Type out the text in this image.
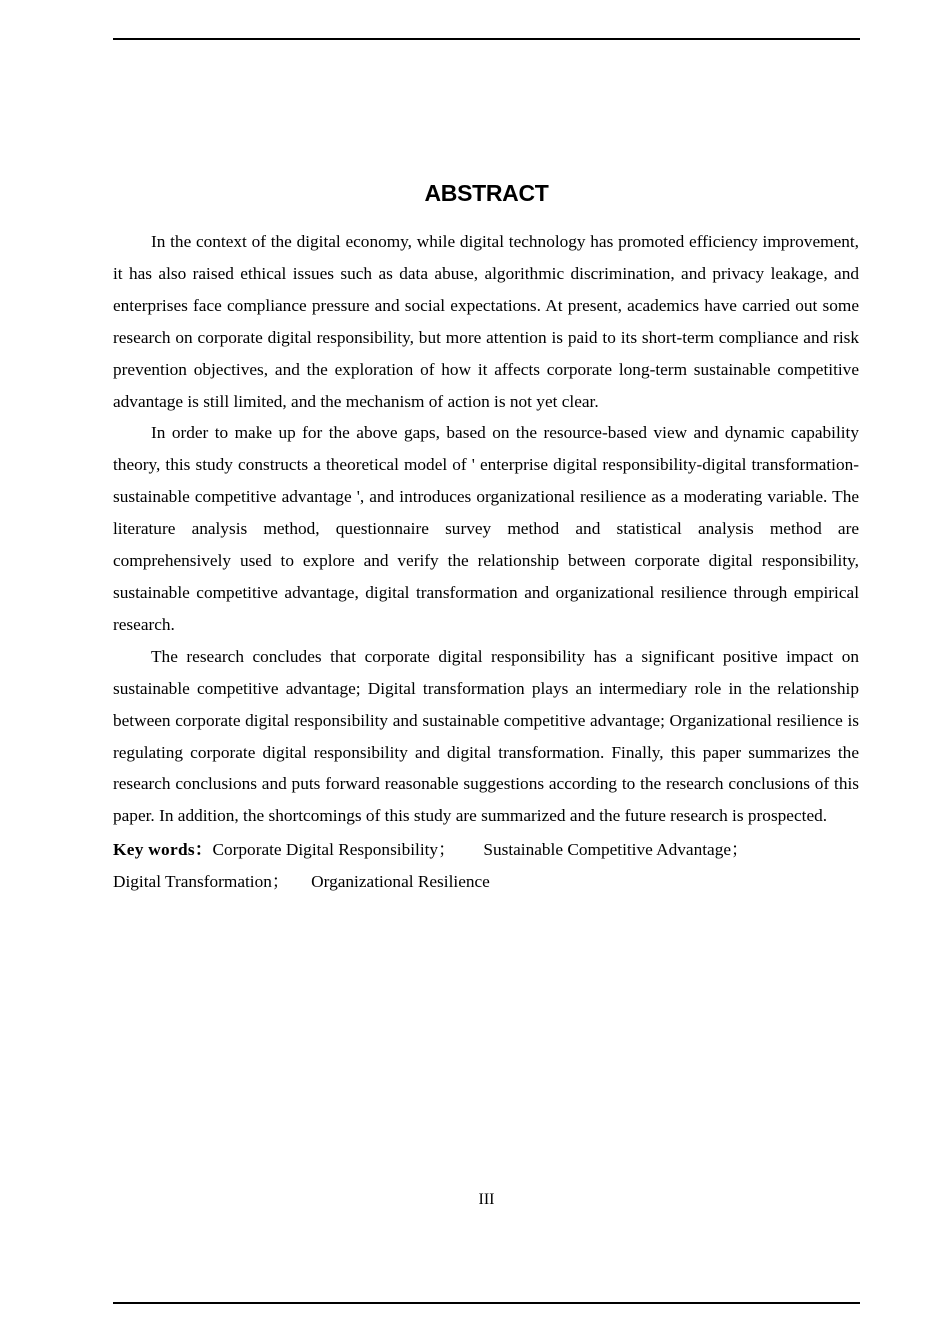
ABSTRACT

In the context of the digital economy, while digital technology has promoted efficiency improvement, it has also raised ethical issues such as data abuse, algorithmic discrimination, and privacy leakage, and enterprises face compliance pressure and social expectations. At present, academics have carried out some research on corporate digital responsibility, but more attention is paid to its short-term compliance and risk prevention objectives, and the exploration of how it affects corporate long-term sustainable competitive advantage is still limited, and the mechanism of action is not yet clear.

In order to make up for the above gaps, based on the resource-based view and dynamic capability theory, this study constructs a theoretical model of ' enterprise digital responsibility-digital transformation-sustainable competitive advantage ', and introduces organizational resilience as a moderating variable. The literature analysis method, questionnaire survey method and statistical analysis method are comprehensively used to explore and verify the relationship between corporate digital responsibility, sustainable competitive advantage, digital transformation and organizational resilience through empirical research.

The research concludes that corporate digital responsibility has a significant positive impact on sustainable competitive advantage; Digital transformation plays an intermediary role in the relationship between corporate digital responsibility and sustainable competitive advantage; Organizational resilience is regulating corporate digital responsibility and digital transformation. Finally, this paper summarizes the research conclusions and puts forward reasonable suggestions according to the research conclusions of this paper. In addition, the shortcomings of this study are summarized and the future research is prospected.

Key words：Corporate Digital Responsibility； Sustainable Competitive Advantage；
Digital Transformation； Organizational Resilience
III
